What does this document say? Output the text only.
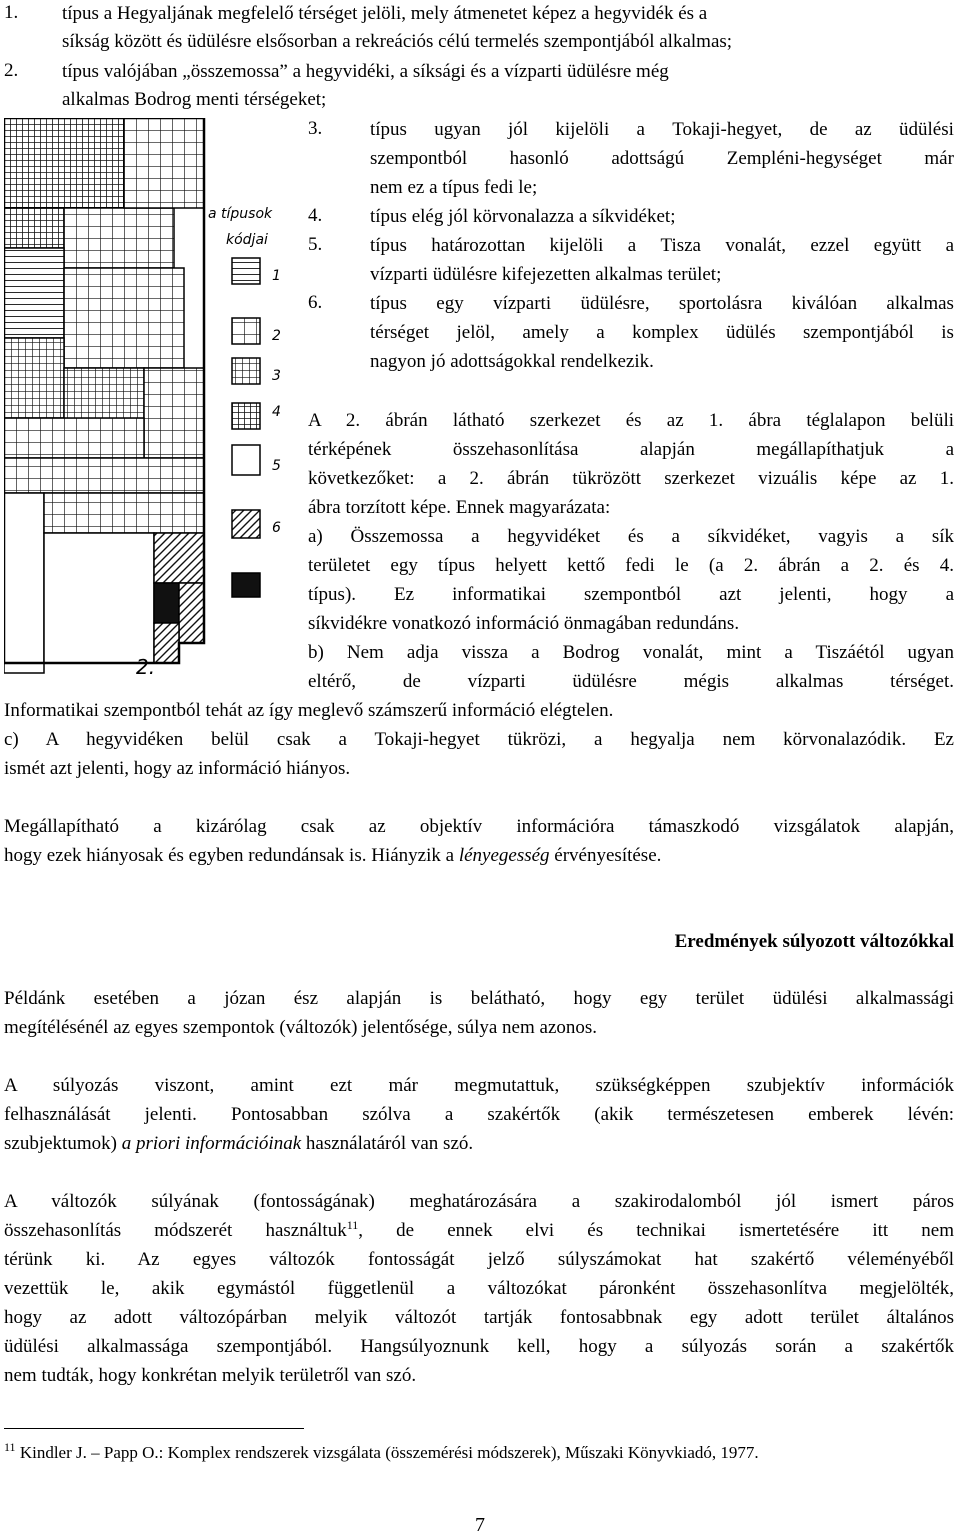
1. típus a Hegyaljának megfelelő térséget jelöli, mely átmenetet képez a hegyvidék és a
síkság között és üdülésre elsősorban a rekreációs célú termelés szempontjából alkalmas;
2. típus valójában „összemossa” a hegyvidéki, a síksági és a vízparti üdülésre még
alkalmas Bodrog menti térségeket;
a típusok
kódjai
1
2
3
4
5
6
2.
3.	típus ugyan jól kijelöli a Tokaji-hegyet, de az üdülési
szempontból hasonló adottságú Zempléni-hegységet már
nem ez a típus fedi le;
4.	típus elég jól körvonalazza a síkvidéket;
5.	típus határozottan kijelöli a Tisza vonalát, ezzel együtt a
vízparti üdülésre kifejezetten alkalmas terület;
6.	típus egy vízparti üdülésre, sportolásra kiválóan alkalmas
térséget jelöl, amely a komplex üdülés szempontjából is
nagyon jó adottságokkal rendelkezik.
A 2. ábrán látható szerkezet és az 1. ábra téglalapon belüli
térképének összehasonlítása alapján megállapíthatjuk a
következőket: a 2. ábrán tükrözött szerkezet vizuális képe az 1.
ábra torzított képe. Ennek magyarázata:
a) Összemossa a hegyvidéket és a síkvidéket, vagyis a sík
területet egy típus helyett kettő fedi le (a 2. ábrán a 2. és 4.
típus). Ez informatikai szempontból azt jelenti, hogy a
síkvidékre vonatkozó információ önmagában redundáns.
b) Nem adja vissza a Bodrog vonalát, mint a Tiszáétól ugyan
eltérő, de vízparti üdülésre mégis alkalmas térséget.
Informatikai szempontból tehát az így meglevő számszerű információ elégtelen.
c) A hegyvidéken belül csak a Tokaji-hegyet tükrözi, a hegyalja nem körvonalazódik. Ez
ismét azt jelenti, hogy az információ hiányos.
Megállapítható a kizárólag csak az objektív információra támaszkodó vizsgálatok alapján,
hogy ezek hiányosak és egyben redundánsak is. Hiányzik a lényegesség érvényesítése.
Eredmények súlyozott változókkal
Példánk esetében a józan ész alapján is belátható, hogy egy terület üdülési alkalmassági
megítélésénél az egyes szempontok (változók) jelentősége, súlya nem azonos.
A súlyozás viszont, amint ezt már megmutattuk, szükségképpen szubjektív információk
felhasználását jelenti. Pontosabban szólva a szakértők (akik természetesen emberek lévén:
szubjektumok) a priori információinak használatáról van szó.
A változók súlyának (fontosságának) meghatározására a szakirodalomból jól ismert páros
összehasonlítás módszerét használtuk$^{11}$, de ennek elvi és technikai ismertetésére itt nem
térünk ki. Az egyes változók fontosságát jelző súlyszámokat hat szakértő véleményéből
vezettük le, akik egymástól függetlenül a változókat páronként összehasonlítva megjelölték,
hogy az adott változópárban melyik változót tartják fontosabbnak egy adott terület általános
üdülési alkalmassága szempontjából. Hangsúlyoznunk kell, hogy a súlyozás során a szakértők
nem tudták, hogy konkrétan melyik területről van szó.
$^{11}$ Kindler J. – Papp O.: Komplex rendszerek vizsgálata (összemérési módszerek), Műszaki Könyvkiadó, 1977.
7
